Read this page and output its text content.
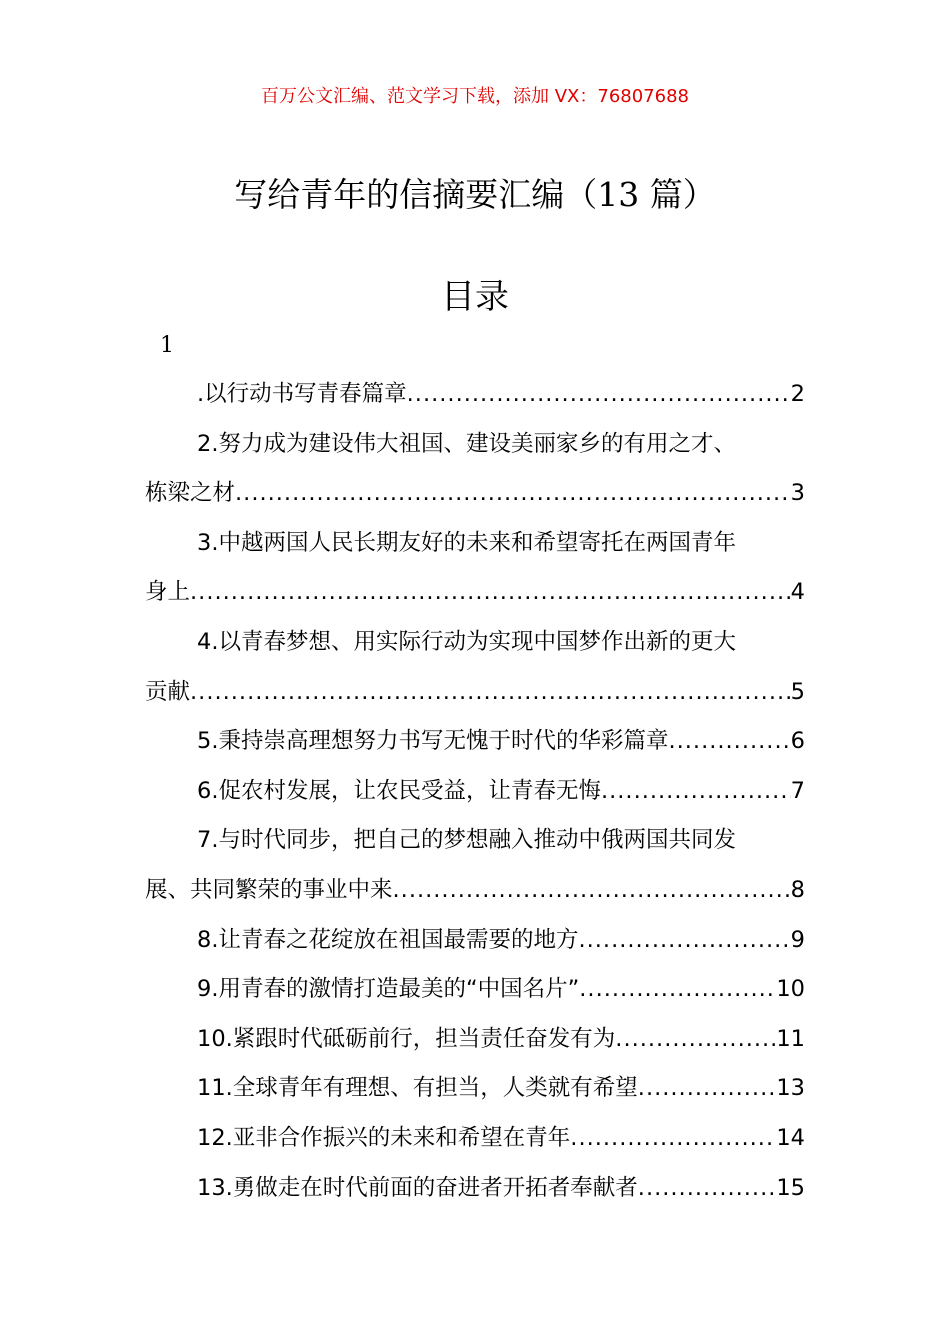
百万公文汇编、范文学习下载，添加 VX：76807688
写给青年的信摘要汇编（13 篇）
目录
1
.以行动书写青春篇章 .....	2
2.努力成为建设伟大祖国、建设美丽家乡的有用之才、
栋梁之材 .....	3
3.中越两国人民长期友好的未来和希望寄托在两国青年
身上 .....	4
4.以青春梦想、用实际行动为实现中国梦作出新的更大
贡献 .....	5
5.秉持崇高理想努力书写无愧于时代的华彩篇章 .....	6
6.促农村发展，让农民受益，让青春无悔 .....	7
7.与时代同步，把自己的梦想融入推动中俄两国共同发
展、共同繁荣的事业中来 .....	8
8.让青春之花绽放在祖国最需要的地方 .....	9
9.用青春的激情打造最美的“中国名片” .....	10
10.紧跟时代砥砺前行，担当责任奋发有为 .....	11
11.全球青年有理想、有担当，人类就有希望 .....	13
12.亚非合作振兴的未来和希望在青年 .....	14
13.勇做走在时代前面的奋进者开拓者奉献者 .....	15
